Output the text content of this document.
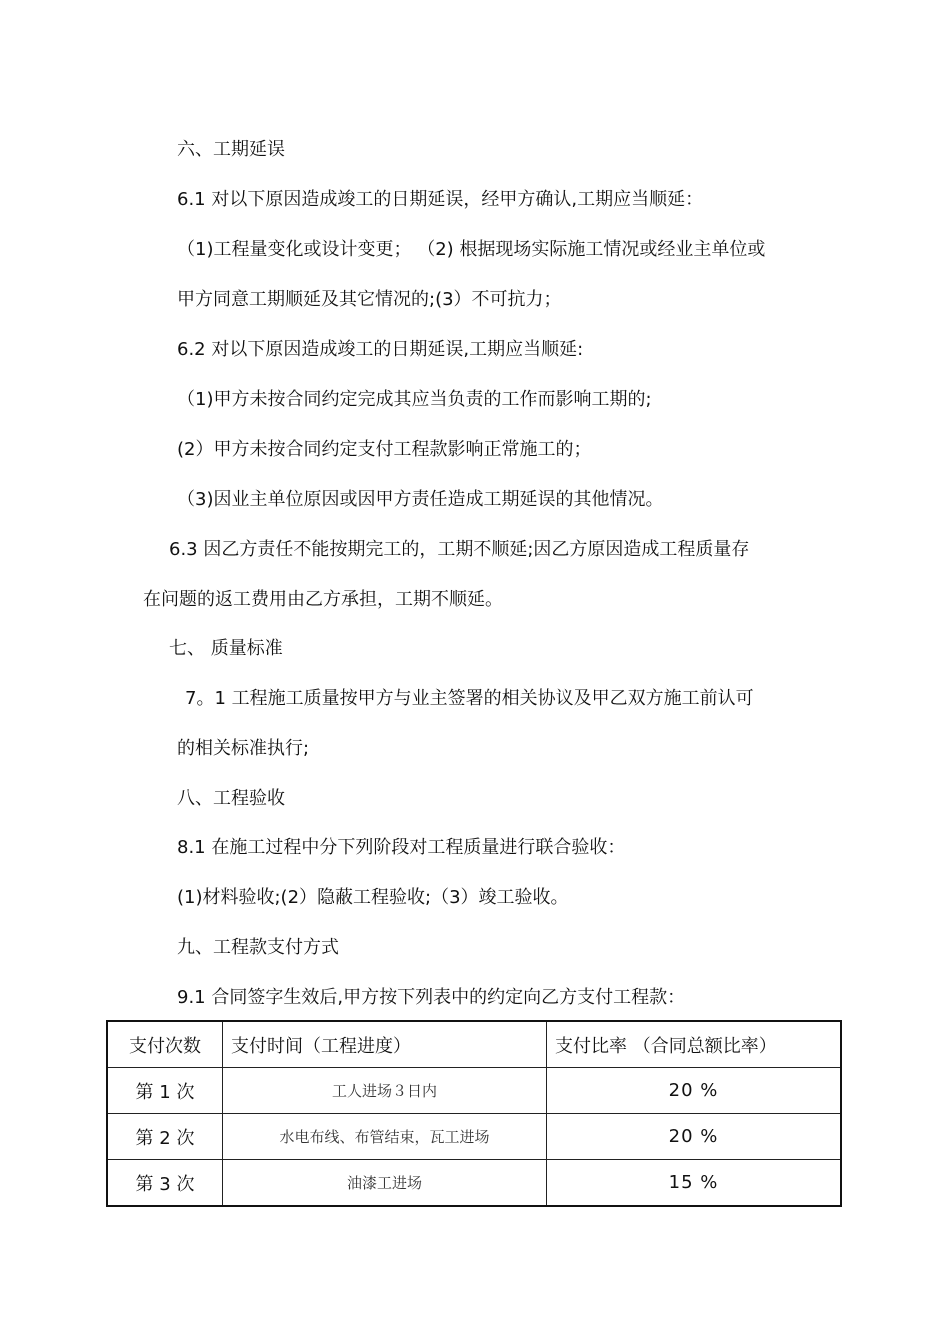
六、工期延误
6.1 对以下原因造成竣工的日期延误，经甲方确认,工期应当顺延：
（1)工程量变化或设计变更； （2) 根据现场实际施工情况或经业主单位或
甲方同意工期顺延及其它情况的;(3）不可抗力；
6.2 对以下原因造成竣工的日期延误,工期应当顺延:
（1)甲方未按合同约定完成其应当负责的工作而影响工期的;
(2）甲方未按合同约定支付工程款影响正常施工的；
（3)因业主单位原因或因甲方责任造成工期延误的其他情况。
6.3 因乙方责任不能按期完工的，工期不顺延;因乙方原因造成工程质量存
在问题的返工费用由乙方承担，工期不顺延。
七、 质量标准
7。1 工程施工质量按甲方与业主签署的相关协议及甲乙双方施工前认可
的相关标准执行;
八、工程验收
8.1 在施工过程中分下列阶段对工程质量进行联合验收：
(1)材料验收;(2）隐蔽工程验收;（3）竣工验收。
九、工程款支付方式
9.1 合同签字生效后,甲方按下列表中的约定向乙方支付工程款：
支付次数	支付时间（工程进度）	支付比率 （合同总额比率）
第 1 次	工人进场３日内	20 %
第 2 次	水电布线、布管结束，瓦工进场	20 %
第 3 次	油漆工进场	15 %
